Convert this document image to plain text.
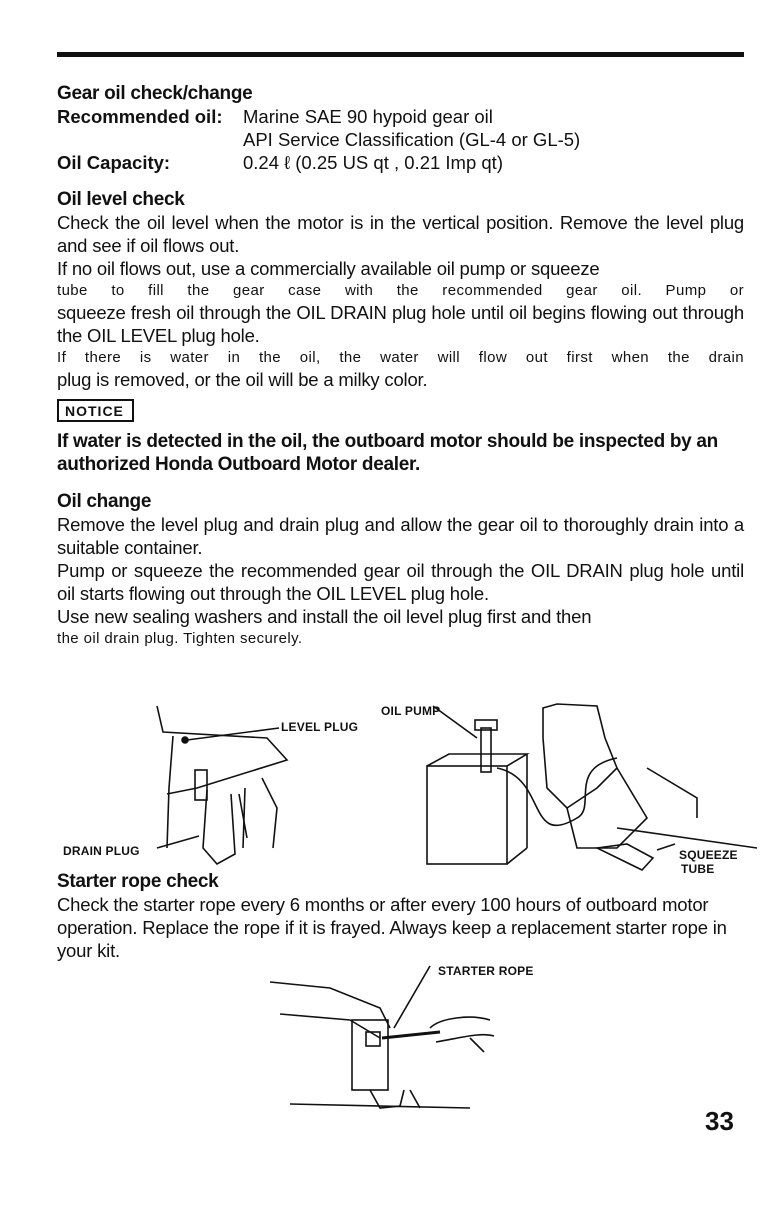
Gear oil check/change
Recommended oil:	Marine SAE 90 hypoid gear oil
API Service Classification (GL-4 or GL-5)
Oil Capacity:	0.24 ℓ (0.25 US qt , 0.21 Imp qt)
Oil level check
Check the oil level when the motor is in the vertical position. Remove the level plug and see if oil flows out.
If no oil flows out, use a commercially available oil pump or squeeze
tube to fill the gear case with the recommended gear oil. Pump or
squeeze fresh oil through the OIL DRAIN plug hole until oil begins flowing out through the OIL LEVEL plug hole.
If there is water in the oil, the water will flow out first when the drain
plug is removed, or the oil will be a milky color.
NOTICE
If water is detected in the oil, the outboard motor should be inspected by an authorized Honda Outboard Motor dealer.
Oil change
Remove the level plug and drain plug and allow the gear oil to thoroughly drain into a suitable container.
Pump or squeeze the recommended gear oil through the OIL DRAIN plug hole until oil starts flowing out through the OIL LEVEL plug hole.
Use new sealing washers and install the oil level plug first and then
the oil drain plug. Tighten securely.
LEVEL PLUG
OIL PUMP
DRAIN PLUG	SQUEEZE
TUBE
Starter rope check
Check the starter rope every 6 months or after every 100 hours of outboard motor operation. Replace the rope if it is frayed. Always keep a replacement starter rope in your kit.
STARTER ROPE
33
